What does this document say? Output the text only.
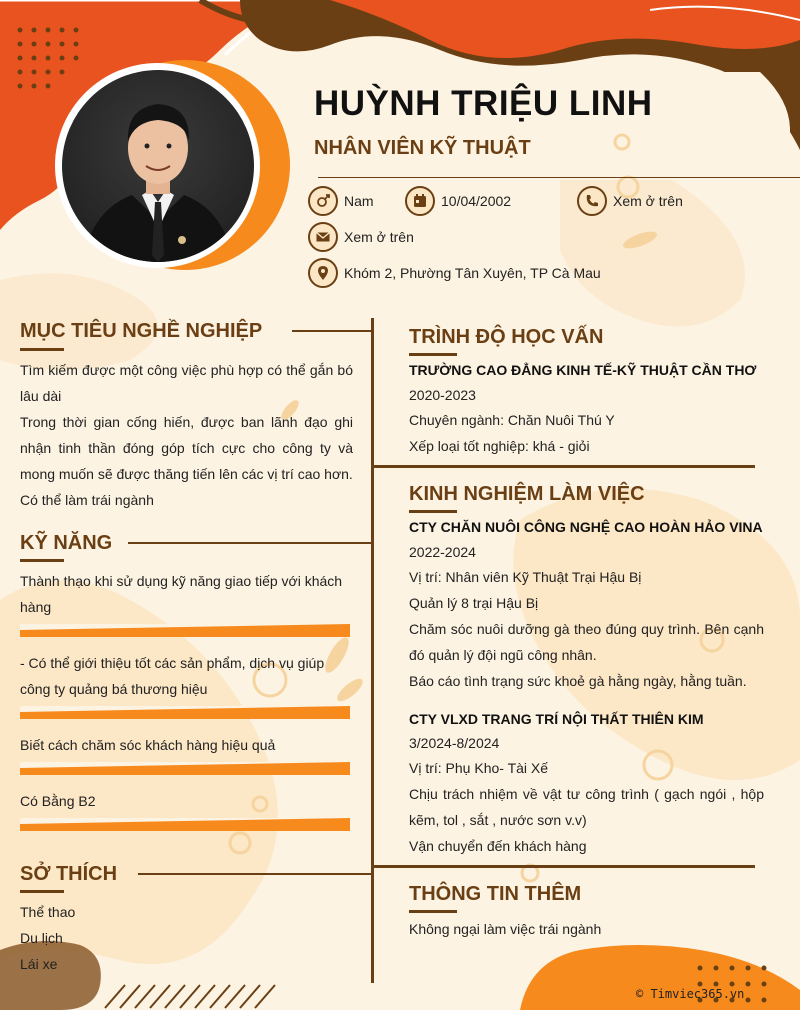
HUỲNH TRIỆU LINH
NHÂN VIÊN KỸ THUẬT
Nam	10/04/2002	Xem ở trên
Xem ở trên
Khóm 2, Phường Tân Xuyên, TP Cà Mau
MỤC TIÊU NGHỀ NGHIỆP
Tìm kiếm được một công việc phù hợp có thể gắn bó lâu dài
Trong thời gian cống hiến, được ban lãnh đạo ghi nhận tinh thần đóng góp tích cực cho công ty và mong muốn sẽ được thăng tiến lên các vị trí cao hơn.
Có thể làm trái ngành
KỸ NĂNG
Thành thạo khi sử dụng kỹ năng giao tiếp với khách hàng
- Có thể giới thiệu tốt các sản phẩm, dịch vụ giúp công ty quảng bá thương hiệu
Biết cách chăm sóc khách hàng hiệu quả
Có Bằng B2
SỞ THÍCH
Thể thao
Du lịch
Lái xe
TRÌNH ĐỘ HỌC VẤN
TRƯỜNG CAO ĐẲNG KINH TẾ-KỸ THUẬT CẦN THƠ
2020-2023
Chuyên ngành: Chăn Nuôi Thú Y
Xếp loại tốt nghiệp: khá - giỏi
KINH NGHIỆM LÀM VIỆC
CTY CHĂN NUÔI CÔNG NGHỆ CAO HOÀN HẢO VINA
2022-2024
Vị trí: Nhân viên Kỹ Thuật Trại Hậu Bị
Quản lý 8 trại Hậu Bị
Chăm sóc nuôi dưỡng gà theo đúng quy trình. Bên cạnh đó quản lý đội ngũ công nhân.
Báo cáo tình trạng sức khoẻ gà hằng ngày, hằng tuần.
CTY VLXD TRANG TRÍ NỘI THẤT THIÊN KIM
3/2024-8/2024
Vị trí: Phụ Kho- Tài Xế
Chịu trách nhiệm về vật tư công trình ( gạch ngói , hộp kẽm, tol , sắt , nước sơn v.v)
Vận chuyển đến khách hàng
THÔNG TIN THÊM
Không ngại làm việc trái ngành
© Timviec365.vn
